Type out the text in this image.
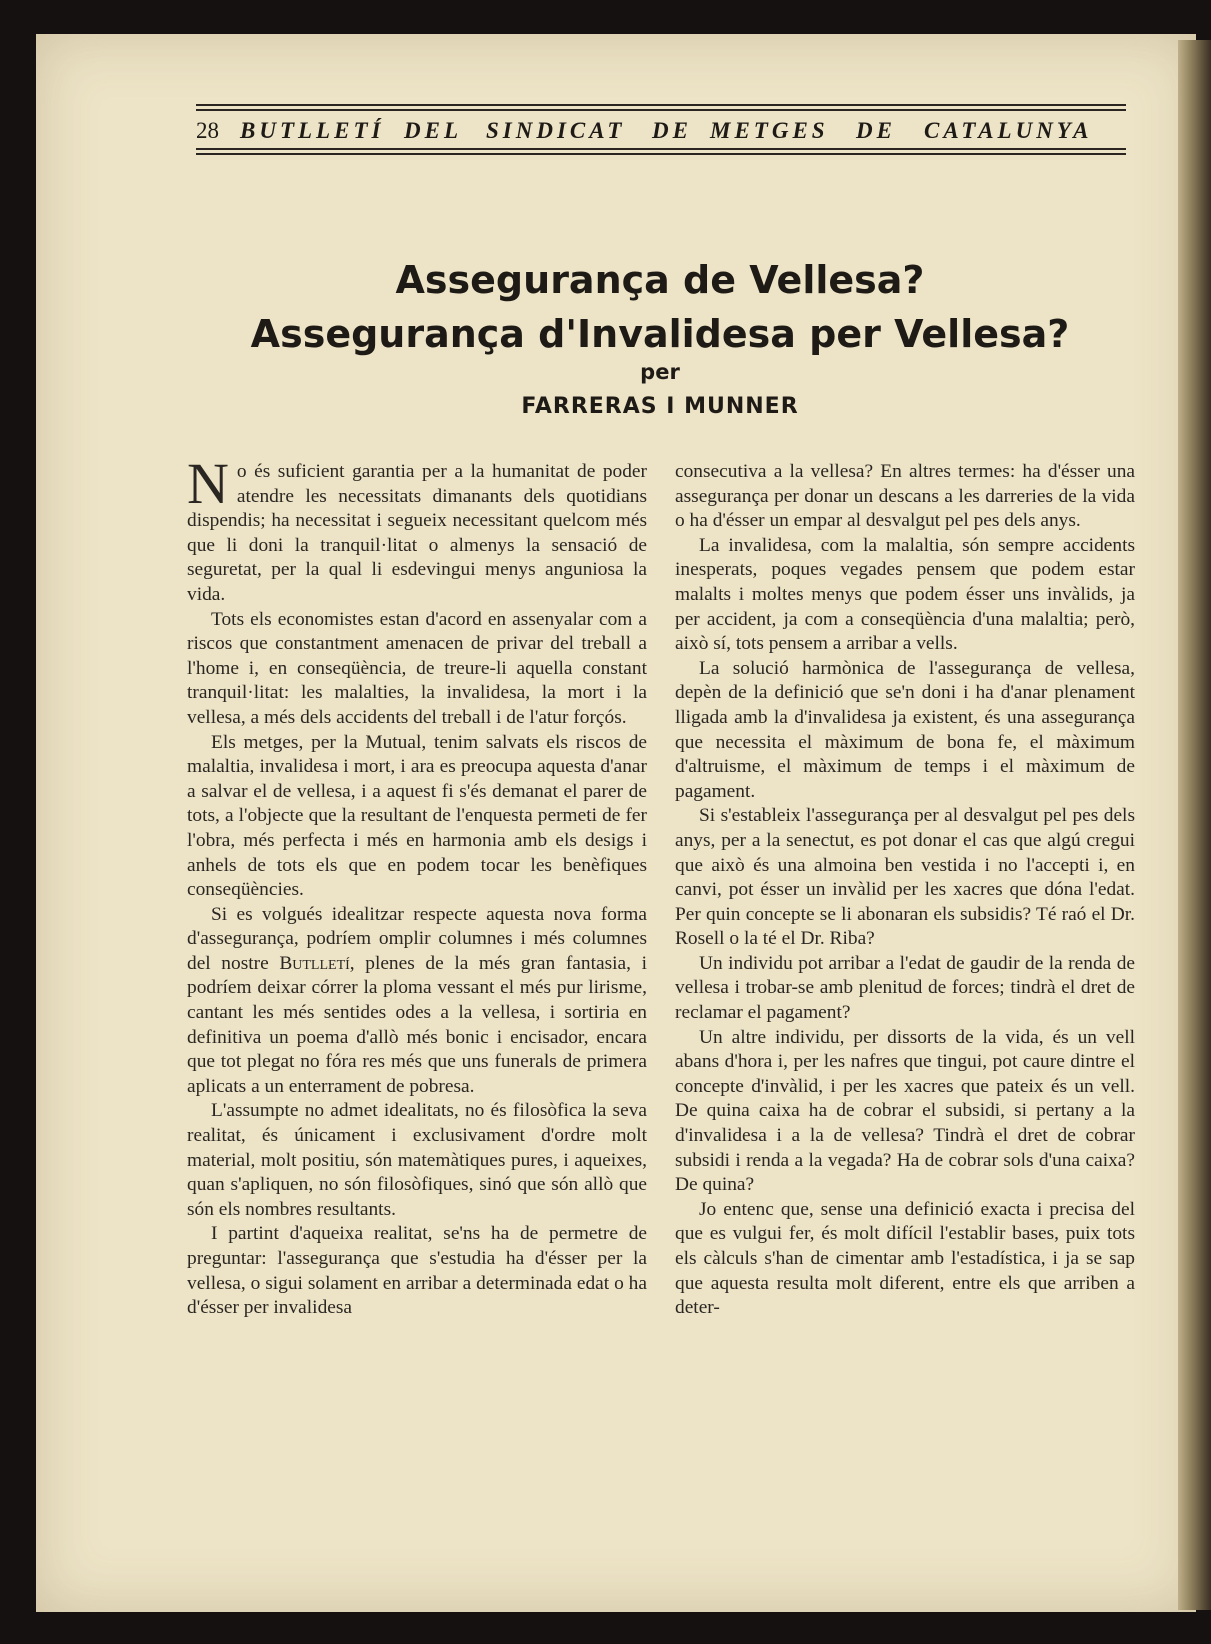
28 BUTLLETÍ DEL SINDICAT DE METGES DE CATALUNYA
Assegurança de Vellesa?
Assegurança d'Invalidesa per Vellesa?
per
FARRERAS I MUNNER

No és suficient garantia per a la humanitat de poder atendre les necessitats dimanants dels quotidians dispendis; ha necessitat i segueix necessitant quelcom més que li doni la tranquil·litat o almenys la sensació de seguretat, per la qual li esdevingui menys anguniosa la vida.

Tots els economistes estan d'acord en assenyalar com a riscos que constantment amenacen de privar del treball a l'home i, en conseqüència, de treure-li aquella constant tranquil·litat: les malalties, la invalidesa, la mort i la vellesa, a més dels accidents del treball i de l'atur forçós.

Els metges, per la Mutual, tenim salvats els riscos de malaltia, invalidesa i mort, i ara es preocupa aquesta d'anar a salvar el de vellesa, i a aquest fi s'és demanat el parer de tots, a l'objecte que la resultant de l'enquesta permeti de fer l'obra, més perfecta i més en harmonia amb els desigs i anhels de tots els que en podem tocar les benèfiques conseqüències.

Si es volgués idealitzar respecte aquesta nova forma d'assegurança, podríem omplir columnes i més columnes del nostre Butlletí, plenes de la més gran fantasia, i podríem deixar córrer la ploma vessant el més pur lirisme, cantant les més sentides odes a la vellesa, i sortiria en definitiva un poema d'allò més bonic i encisador, encara que tot plegat no fóra res més que uns funerals de primera aplicats a un enterrament de pobresa.

L'assumpte no admet idealitats, no és filosòfica la seva realitat, és únicament i exclusivament d'ordre molt material, molt positiu, són matemàtiques pures, i aqueixes, quan s'apliquen, no són filosòfiques, sinó que són allò que són els nombres resultants.

I partint d'aqueixa realitat, se'ns ha de permetre de preguntar: l'assegurança que s'estudia ha d'ésser per la vellesa, o sigui solament en arribar a determinada edat o ha d'ésser per invalidesa

consecutiva a la vellesa? En altres termes: ha d'ésser una assegurança per donar un descans a les darreries de la vida o ha d'ésser un empar al desvalgut pel pes dels anys.

La invalidesa, com la malaltia, són sempre accidents inesperats, poques vegades pensem que podem estar malalts i moltes menys que podem ésser uns invàlids, ja per accident, ja com a conseqüència d'una malaltia; però, això sí, tots pensem a arribar a vells.

La solució harmònica de l'assegurança de vellesa, depèn de la definició que se'n doni i ha d'anar plenament lligada amb la d'invalidesa ja existent, és una assegurança que necessita el màximum de bona fe, el màximum d'altruisme, el màximum de temps i el màximum de pagament.

Si s'estableix l'assegurança per al desvalgut pel pes dels anys, per a la senectut, es pot donar el cas que algú cregui que això és una almoina ben vestida i no l'accepti i, en canvi, pot ésser un invàlid per les xacres que dóna l'edat. Per quin concepte se li abonaran els subsidis? Té raó el Dr. Rosell o la té el Dr. Riba?

Un individu pot arribar a l'edat de gaudir de la renda de vellesa i trobar-se amb plenitud de forces; tindrà el dret de reclamar el pagament?

Un altre individu, per dissorts de la vida, és un vell abans d'hora i, per les nafres que tingui, pot caure dintre el concepte d'invàlid, i per les xacres que pateix és un vell. De quina caixa ha de cobrar el subsidi, si pertany a la d'invalidesa i a la de vellesa? Tindrà el dret de cobrar subsidi i renda a la vegada? Ha de cobrar sols d'una caixa? De quina?

Jo entenc que, sense una definició exacta i precisa del que es vulgui fer, és molt difícil l'establir bases, puix tots els càlculs s'han de cimentar amb l'estadística, i ja se sap que aquesta resulta molt diferent, entre els que arriben a deter-
